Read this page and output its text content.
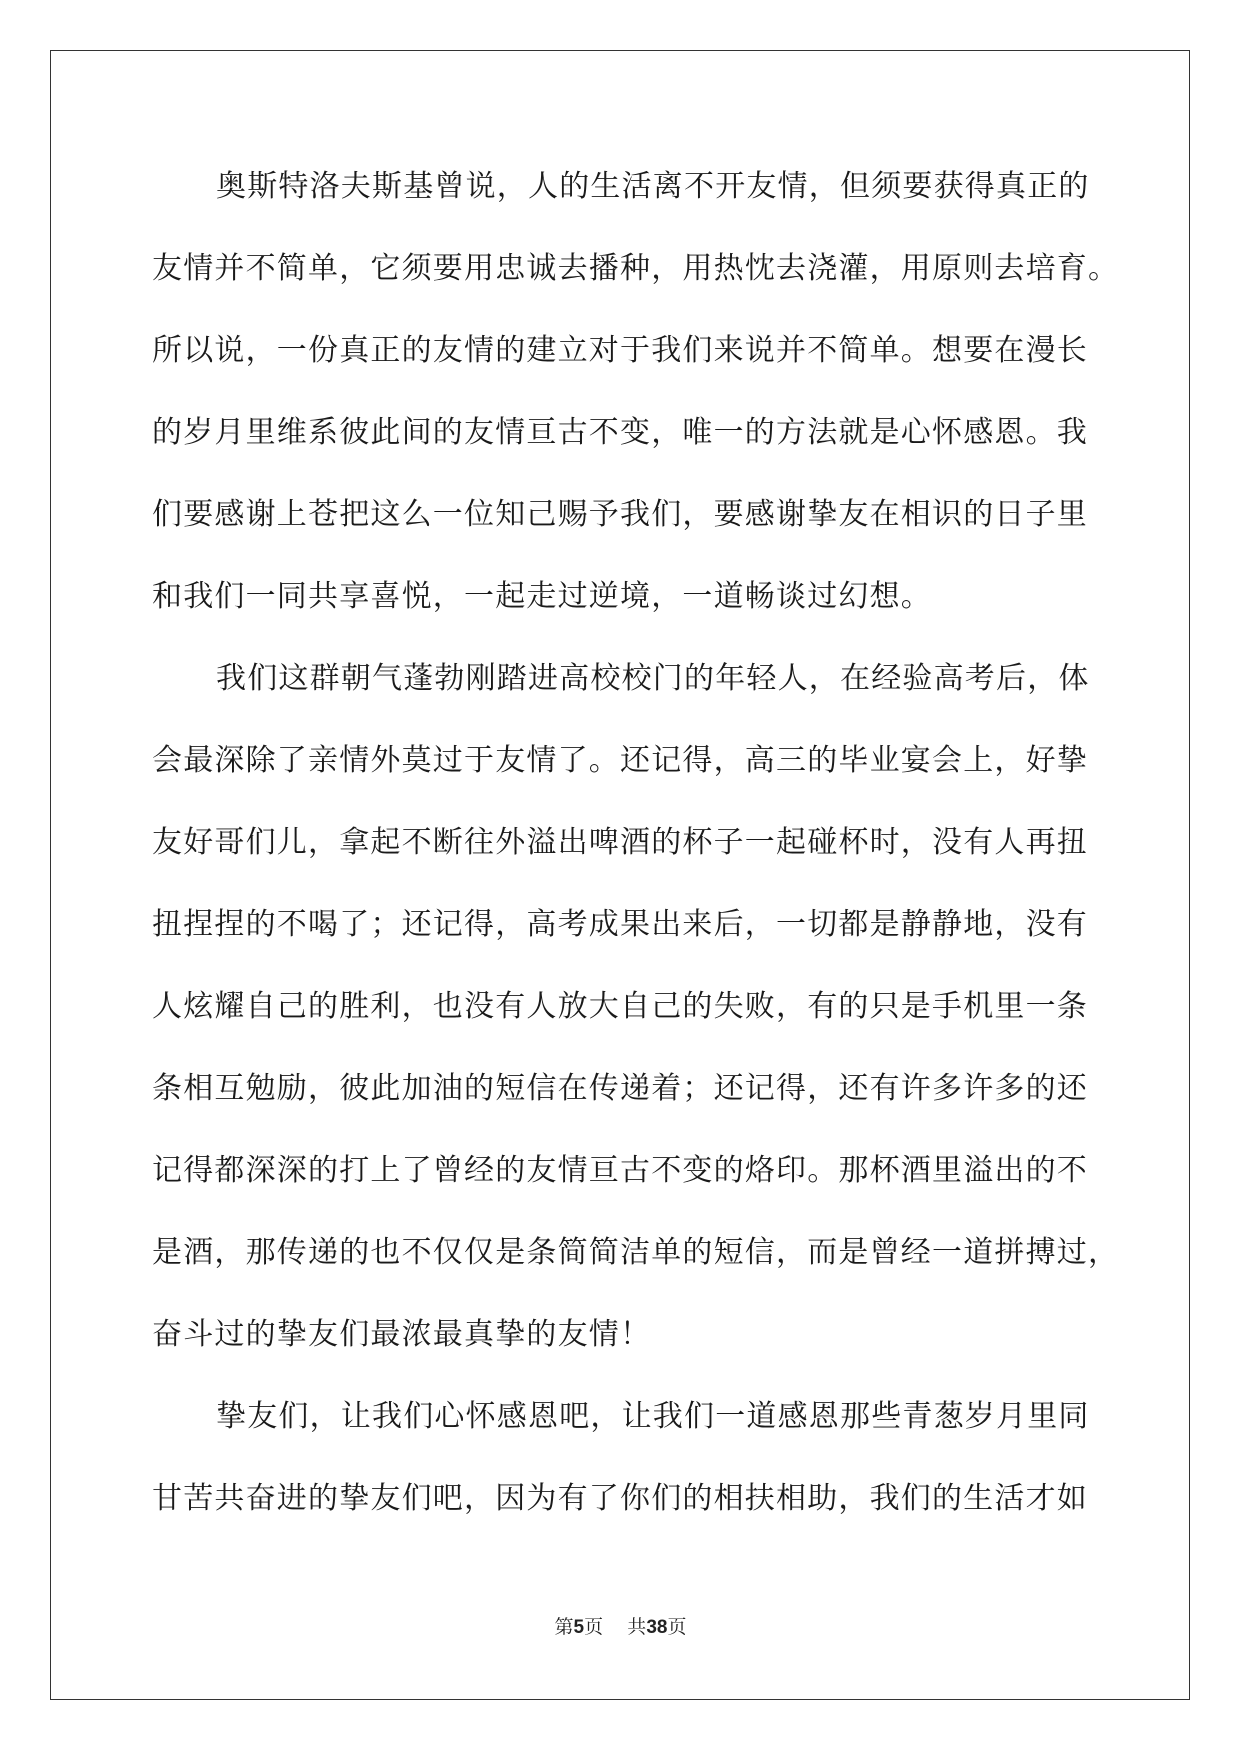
奥斯特洛夫斯基曾说，人的生活离不开友情，但须要获得真正的
友情并不简单，它须要用忠诚去播种，用热忱去浇灌，用原则去培育。
所以说，一份真正的友情的建立对于我们来说并不简单。想要在漫长
的岁月里维系彼此间的友情亘古不变，唯一的方法就是心怀感恩。我
们要感谢上苍把这么一位知己赐予我们，要感谢挚友在相识的日子里
和我们一同共享喜悦，一起走过逆境，一道畅谈过幻想。
我们这群朝气蓬勃刚踏进高校校门的年轻人，在经验高考后，体
会最深除了亲情外莫过于友情了。还记得，高三的毕业宴会上，好挚
友好哥们儿，拿起不断往外溢出啤酒的杯子一起碰杯时，没有人再扭
扭捏捏的不喝了；还记得，高考成果出来后，一切都是静静地，没有
人炫耀自己的胜利，也没有人放大自己的失败，有的只是手机里一条
条相互勉励，彼此加油的短信在传递着；还记得，还有许多许多的还
记得都深深的打上了曾经的友情亘古不变的烙印。那杯酒里溢出的不
是酒，那传递的也不仅仅是条简简洁单的短信，而是曾经一道拼搏过，
奋斗过的挚友们最浓最真挚的友情！
挚友们，让我们心怀感恩吧，让我们一道感恩那些青葱岁月里同
甘苦共奋进的挚友们吧，因为有了你们的相扶相助，我们的生活才如
第5页 共38页
